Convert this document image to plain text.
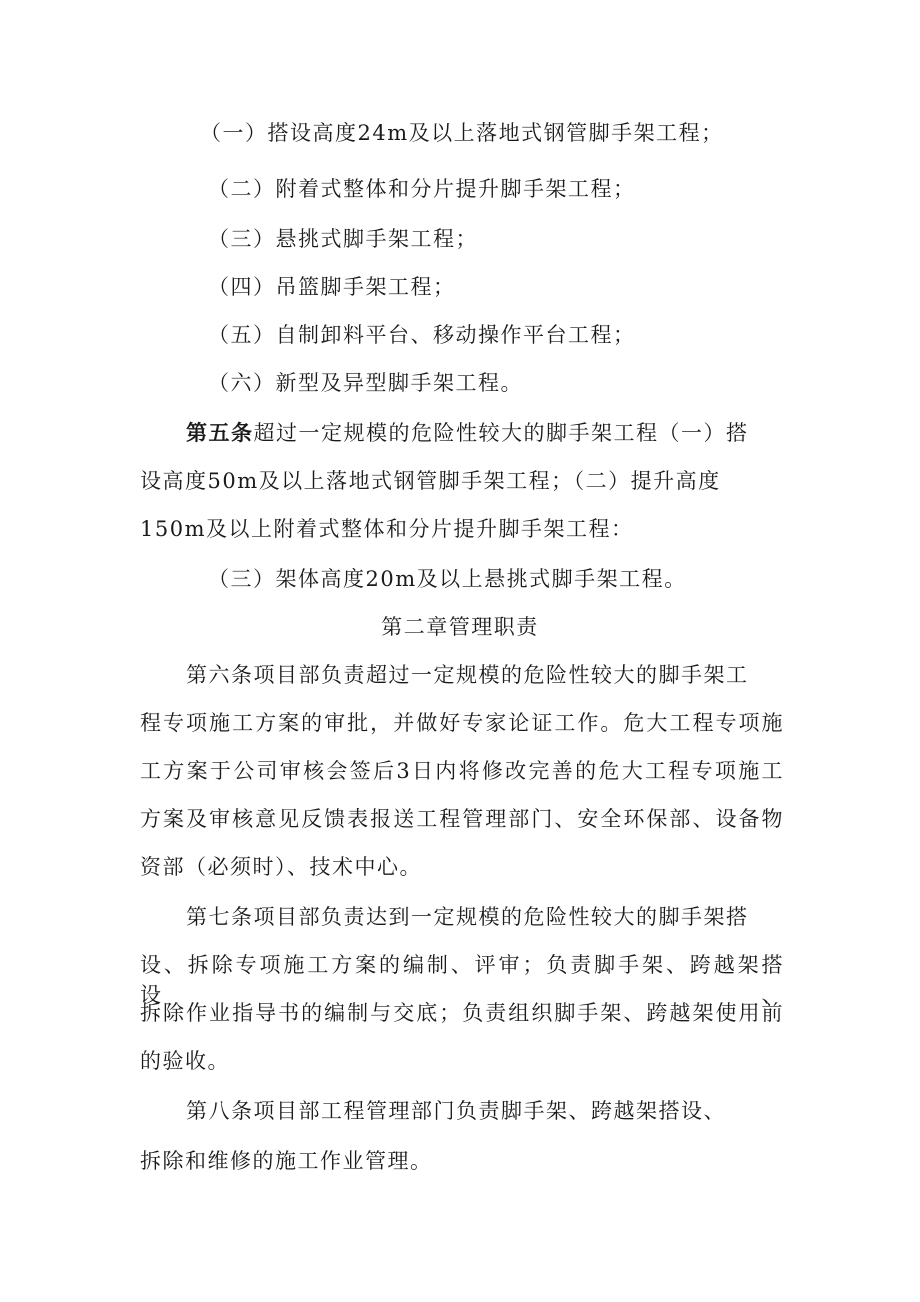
（一）搭设高度24m及以上落地式钢管脚手架工程；
（二）附着式整体和分片提升脚手架工程；
（三）悬挑式脚手架工程；
（四）吊篮脚手架工程；
（五）自制卸料平台、移动操作平台工程；
（六）新型及异型脚手架工程。
第五条超过一定规模的危险性较大的脚手架工程（一）搭
设高度50m及以上落地式钢管脚手架工程；（二）提升高度
150m及以上附着式整体和分片提升脚手架工程：
（三）架体高度20m及以上悬挑式脚手架工程。
第二章管理职责
第六条项目部负责超过一定规模的危险性较大的脚手架工
程专项施工方案的审批，并做好专家论证工作。危大工程专项施
工方案于公司审核会签后3日内将修改完善的危大工程专项施工
方案及审核意见反馈表报送工程管理部门、安全环保部、设备物
资部（必须时）、技术中心。
第七条项目部负责达到一定规模的危险性较大的脚手架搭
设、拆除专项施工方案的编制、评审；负责脚手架、跨越架搭设、
拆除作业指导书的编制与交底；负责组织脚手架、跨越架使用前
的验收。
第八条项目部工程管理部门负责脚手架、跨越架搭设、
拆除和维修的施工作业管理。
